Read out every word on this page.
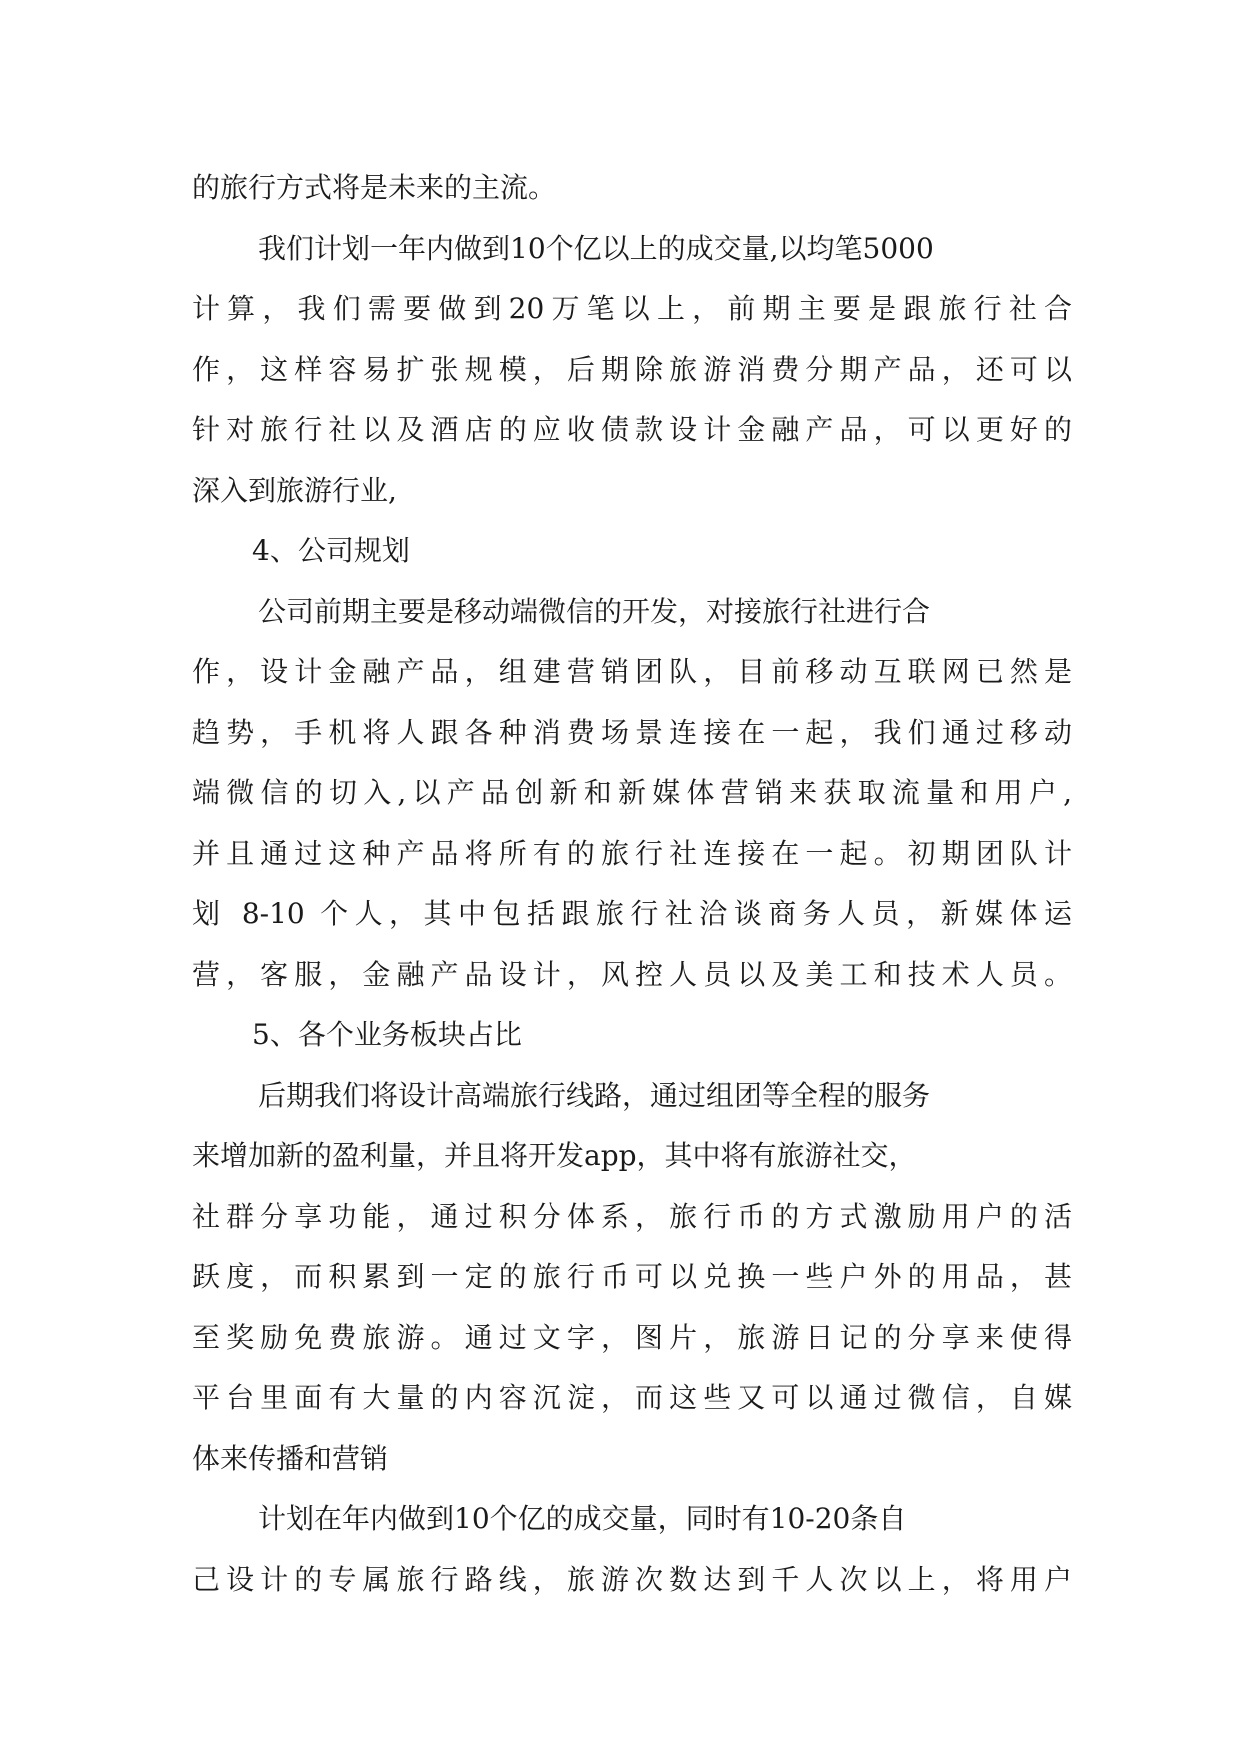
的旅行方式将是未来的主流。
我们计划一年内做到10个亿以上的成交量,以均笔5000
计算，我们需要做到20万笔以上，前期主要是跟旅行社合
作，这样容易扩张规模，后期除旅游消费分期产品，还可以
针对旅行社以及酒店的应收债款设计金融产品，可以更好的
深入到旅游行业,
4、公司规划
公司前期主要是移动端微信的开发，对接旅行社进行合
作，设计金融产品，组建营销团队，目前移动互联网已然是
趋势，手机将人跟各种消费场景连接在一起，我们通过移动
端微信的切入,以产品创新和新媒体营销来获取流量和用户,
并且通过这种产品将所有的旅行社连接在一起。初期团队计
划 8-10 个人，其中包括跟旅行社洽谈商务人员，新媒体运
营，客服，金融产品设计，风控人员以及美工和技术人员。
5、各个业务板块占比
后期我们将设计高端旅行线路，通过组团等全程的服务
来增加新的盈利量，并且将开发app，其中将有旅游社交，
社群分享功能，通过积分体系，旅行币的方式激励用户的活
跃度，而积累到一定的旅行币可以兑换一些户外的用品，甚
至奖励免费旅游。通过文字，图片，旅游日记的分享来使得
平台里面有大量的内容沉淀，而这些又可以通过微信，自媒
体来传播和营销
计划在年内做到10个亿的成交量，同时有10-20条自
己设计的专属旅行路线，旅游次数达到千人次以上，将用户
